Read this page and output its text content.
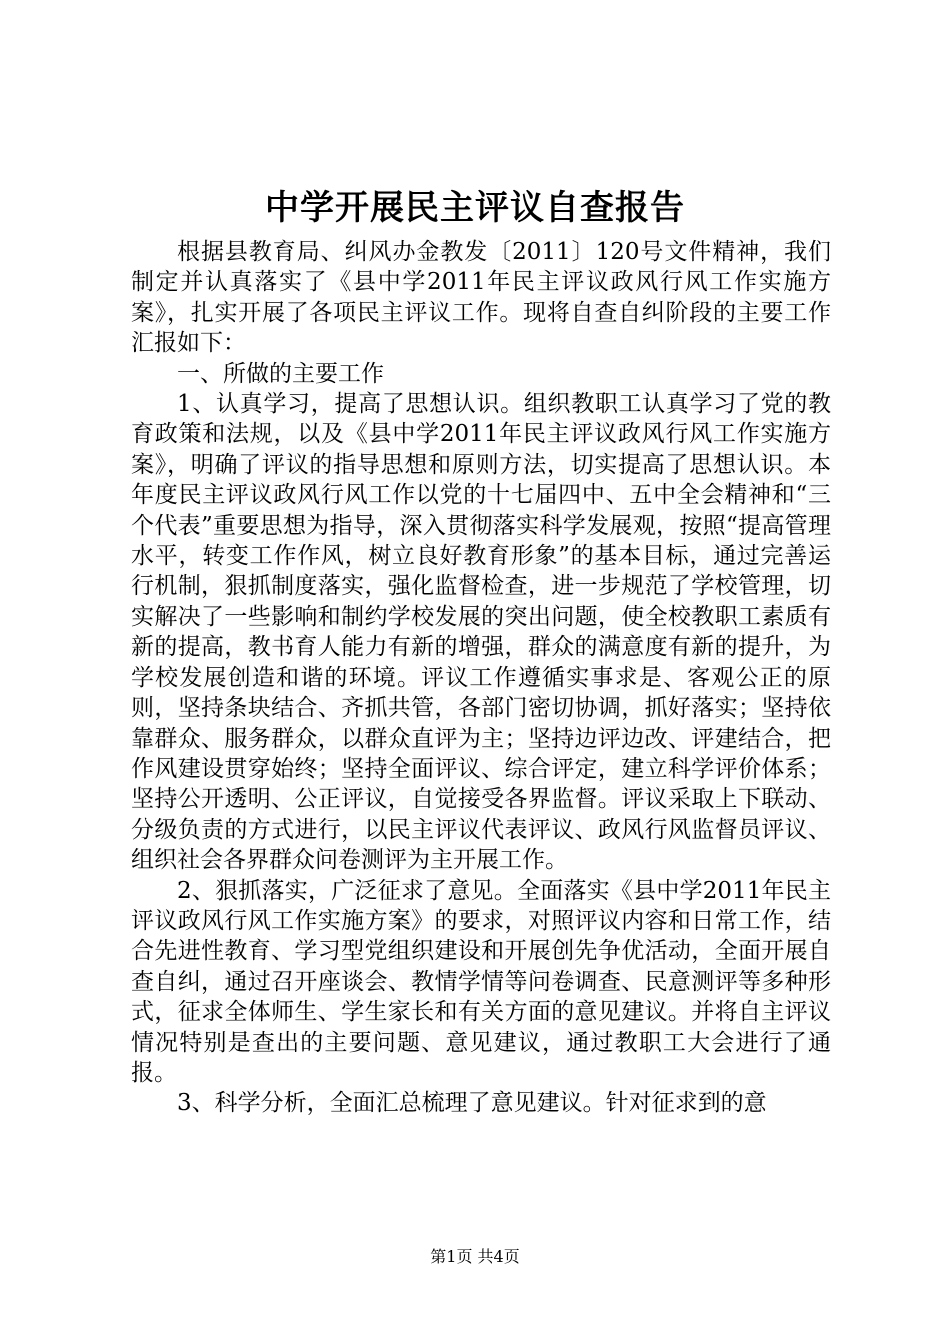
中学开展民主评议自查报告

根据县教育局、纠风办金教发〔2011〕120号文件精神，我们制定并认真落实了《县中学2011年民主评议政风行风工作实施方案》，扎实开展了各项民主评议工作。现将自查自纠阶段的主要工作汇报如下：

一、所做的主要工作

1、认真学习，提高了思想认识。组织教职工认真学习了党的教育政策和法规，以及《县中学2011年民主评议政风行风工作实施方案》，明确了评议的指导思想和原则方法，切实提高了思想认识。本年度民主评议政风行风工作以党的十七届四中、五中全会精神和“三个代表”重要思想为指导，深入贯彻落实科学发展观，按照“提高管理水平，转变工作作风，树立良好教育形象”的基本目标，通过完善运行机制，狠抓制度落实，强化监督检查，进一步规范了学校管理，切实解决了一些影响和制约学校发展的突出问题，使全校教职工素质有新的提高，教书育人能力有新的增强，群众的满意度有新的提升，为学校发展创造和谐的环境。评议工作遵循实事求是、客观公正的原则，坚持条块结合、齐抓共管，各部门密切协调，抓好落实；坚持依靠群众、服务群众，以群众直评为主；坚持边评边改、评建结合，把作风建设贯穿始终；坚持全面评议、综合评定，建立科学评价体系；坚持公开透明、公正评议，自觉接受各界监督。评议采取上下联动、分级负责的方式进行，以民主评议代表评议、政风行风监督员评议、组织社会各界群众问卷测评为主开展工作。

2、狠抓落实，广泛征求了意见。全面落实《县中学2011年民主评议政风行风工作实施方案》的要求，对照评议内容和日常工作，结合先进性教育、学习型党组织建设和开展创先争优活动，全面开展自查自纠，通过召开座谈会、教情学情等问卷调查、民意测评等多种形式，征求全体师生、学生家长和有关方面的意见建议。并将自主评议情况特别是查出的主要问题、意见建议，通过教职工大会进行了通报。

3、科学分析，全面汇总梳理了意见建议。针对征求到的意

第1页 共4页
